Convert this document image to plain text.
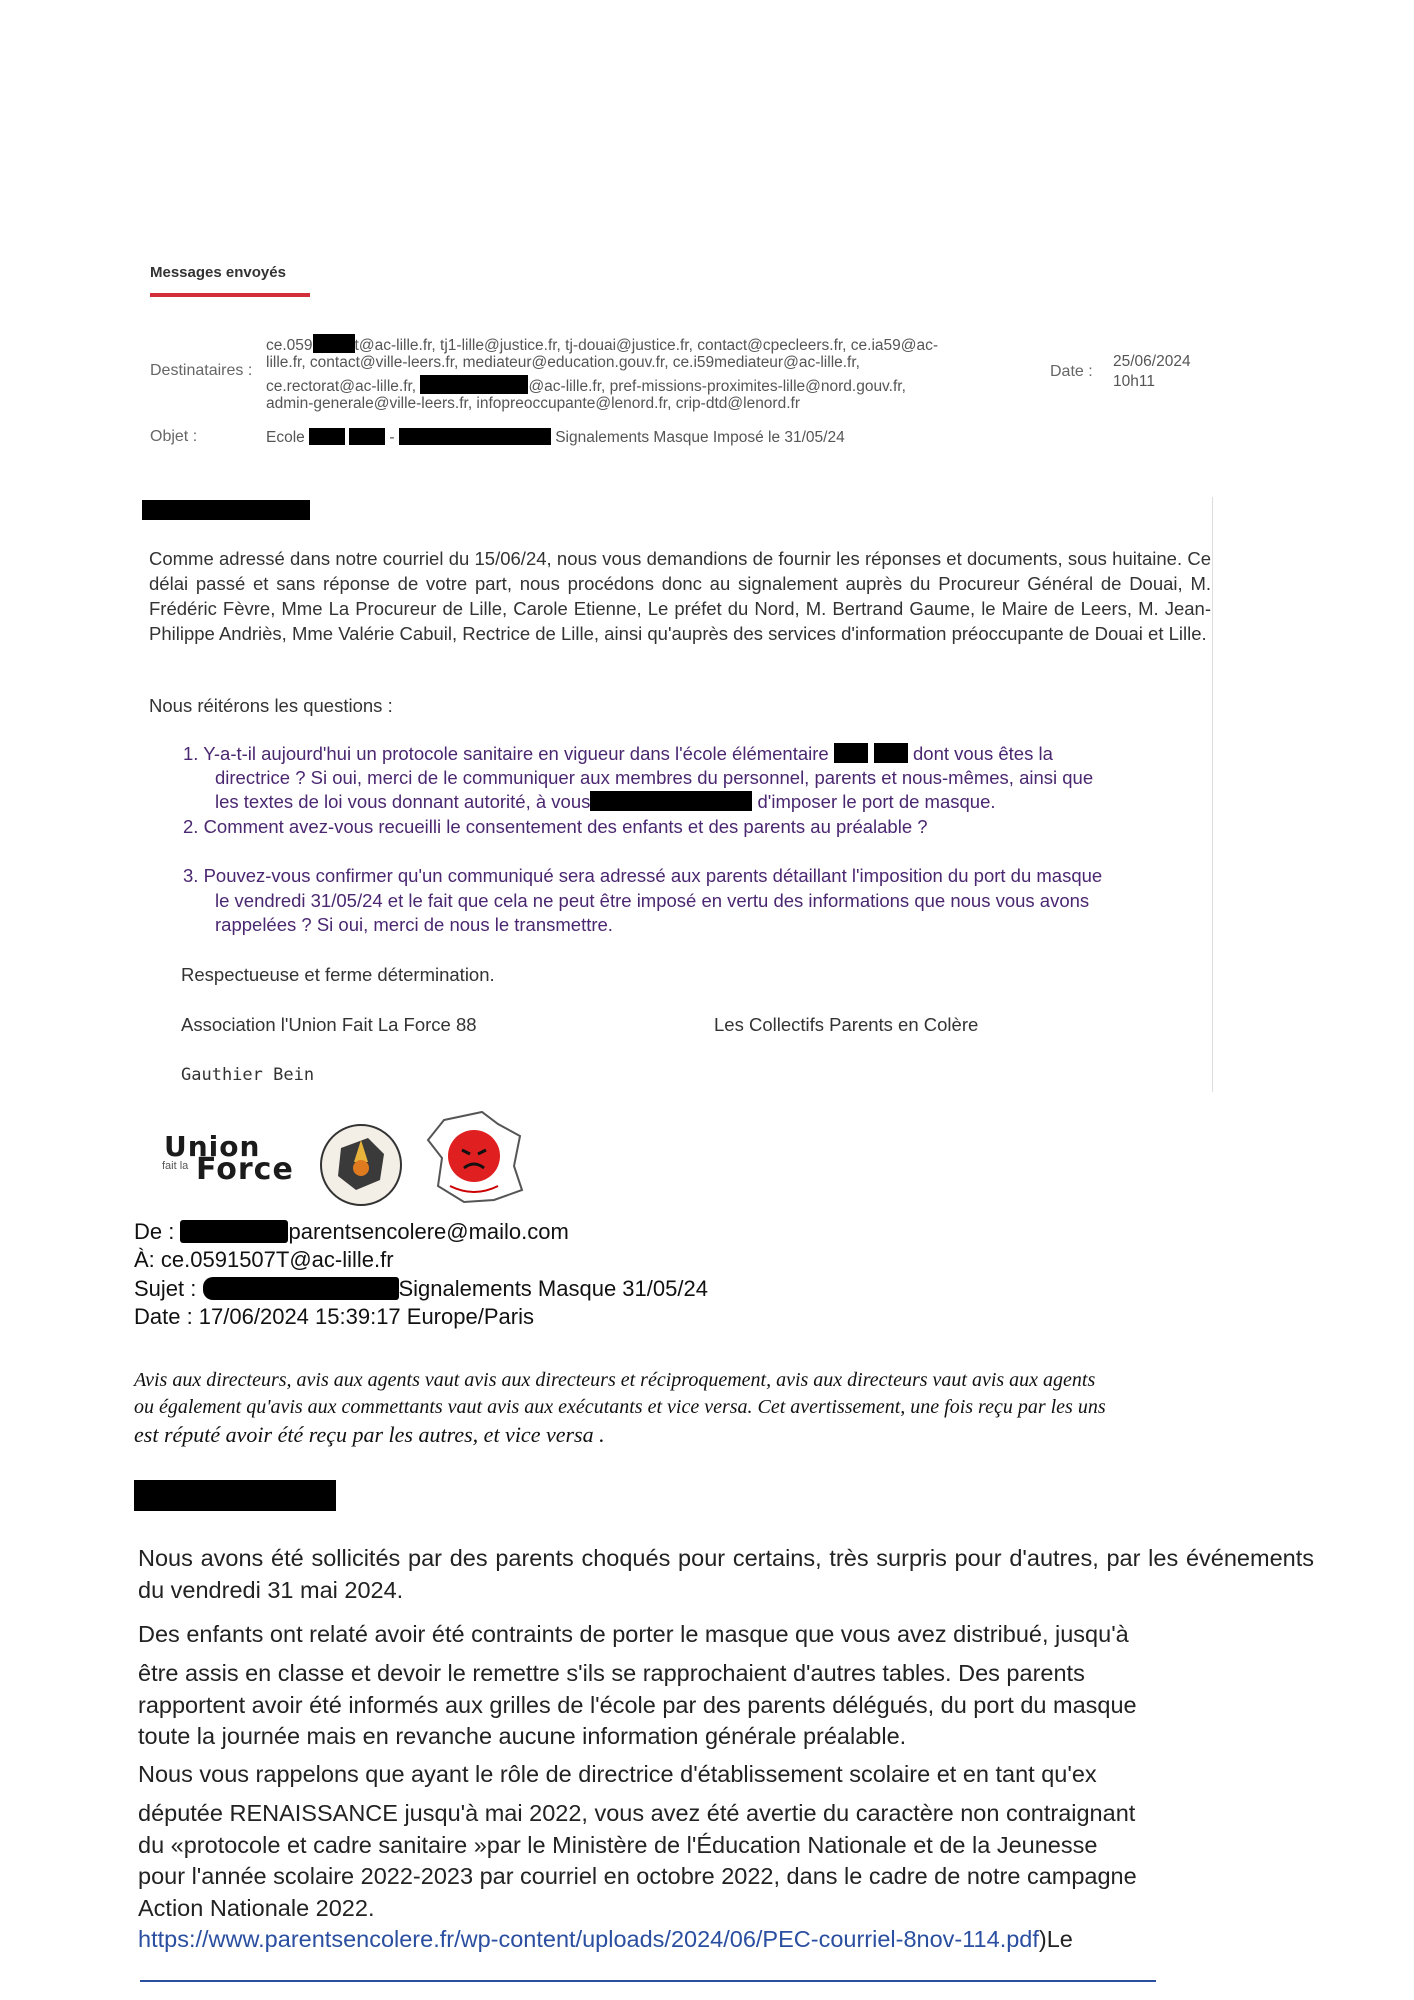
Messages envoyés
Destinataires :
ce.059	t@ac-lille.fr, tj1-lille@justice.fr, tj-douai@justice.fr, contact@cpecleers.fr, ce.ia59@ac-
lille.fr, contact@ville-leers.fr, mediateur@education.gouv.fr, ce.i59mediateur@ac-lille.fr,
ce.rectorat@ac-lille.fr,	@ac-lille.fr, pref-missions-proximites-lille@nord.gouv.fr,
admin-generale@ville-leers.fr, infopreoccupante@lenord.fr, crip-dtd@lenord.fr
Date :
25/06/2024
10h11
Objet :	Ecole	-	Signalements Masque Imposé le 31/05/24
Comme adressé dans notre courriel du 15/06/24, nous vous demandions de fournir les réponses et documents, sous huitaine. Ce délai passé et sans réponse de votre part, nous procédons donc au signalement auprès du Procureur Général de Douai, M. Frédéric Fèvre, Mme La Procureur de Lille, Carole Etienne, Le préfet du Nord, M. Bertrand Gaume, le Maire de Leers, M. Jean-Philippe Andriès, Mme Valérie Cabuil, Rectrice de Lille, ainsi qu'auprès des services d'information préoccupante de Douai et Lille.
Nous réitérons les questions :
1. Y-a-t-il aujourd'hui un protocole sanitaire en vigueur dans l'école élémentaire	dont vous êtes la
directrice ? Si oui, merci de le communiquer aux membres du personnel, parents et nous-mêmes, ainsi que
les textes de loi vous donnant autorité, à vous	d'imposer le port de masque.
2. Comment avez-vous recueilli le consentement des enfants et des parents au préalable ?
3. Pouvez-vous confirmer qu'un communiqué sera adressé aux parents détaillant l'imposition du port du masque
le vendredi 31/05/24 et le fait que cela ne peut être imposé en vertu des informations que nous vous avons
rappelées ? Si oui, merci de nous le transmettre.
Respectueuse et ferme détermination.
Association l'Union Fait La Force 88	Les Collectifs Parents en Colère
Gauthier Bein
Union
fait la Force
De :	parentsencolere@mailo.com
À: ce.0591507T@ac-lille.fr
Sujet :	Signalements Masque 31/05/24
Date : 17/06/2024 15:39:17 Europe/Paris
Avis aux directeurs, avis aux agents vaut avis aux directeurs et réciproquement, avis aux directeurs vaut avis aux agents
ou également qu'avis aux commettants vaut avis aux exécutants et vice versa. Cet avertissement, une fois reçu par les uns
est réputé avoir été reçu par les autres, et vice versa .
Nous avons été sollicités par des parents choqués pour certains, très surpris pour d'autres, par les événements du vendredi 31 mai 2024.
Des enfants ont relaté avoir été contraints de porter le masque que vous avez distribué, jusqu'à
être assis en classe et devoir le remettre s'ils se rapprochaient d'autres tables. Des parents
rapportent avoir été informés aux grilles de l'école par des parents délégués, du port du masque
toute la journée mais en revanche aucune information générale préalable.
Nous vous rappelons que ayant le rôle de directrice d'établissement scolaire et en tant qu'ex
députée RENAISSANCE jusqu'à mai 2022, vous avez été avertie du caractère non contraignant
du «protocole et cadre sanitaire »par le Ministère de l'Éducation Nationale et de la Jeunesse
pour l'année scolaire 2022-2023 par courriel en octobre 2022, dans le cadre de notre campagne
Action Nationale 2022.
https://www.parentsencolere.fr/wp-content/uploads/2024/06/PEC-courriel-8nov-114.pdf)Le
